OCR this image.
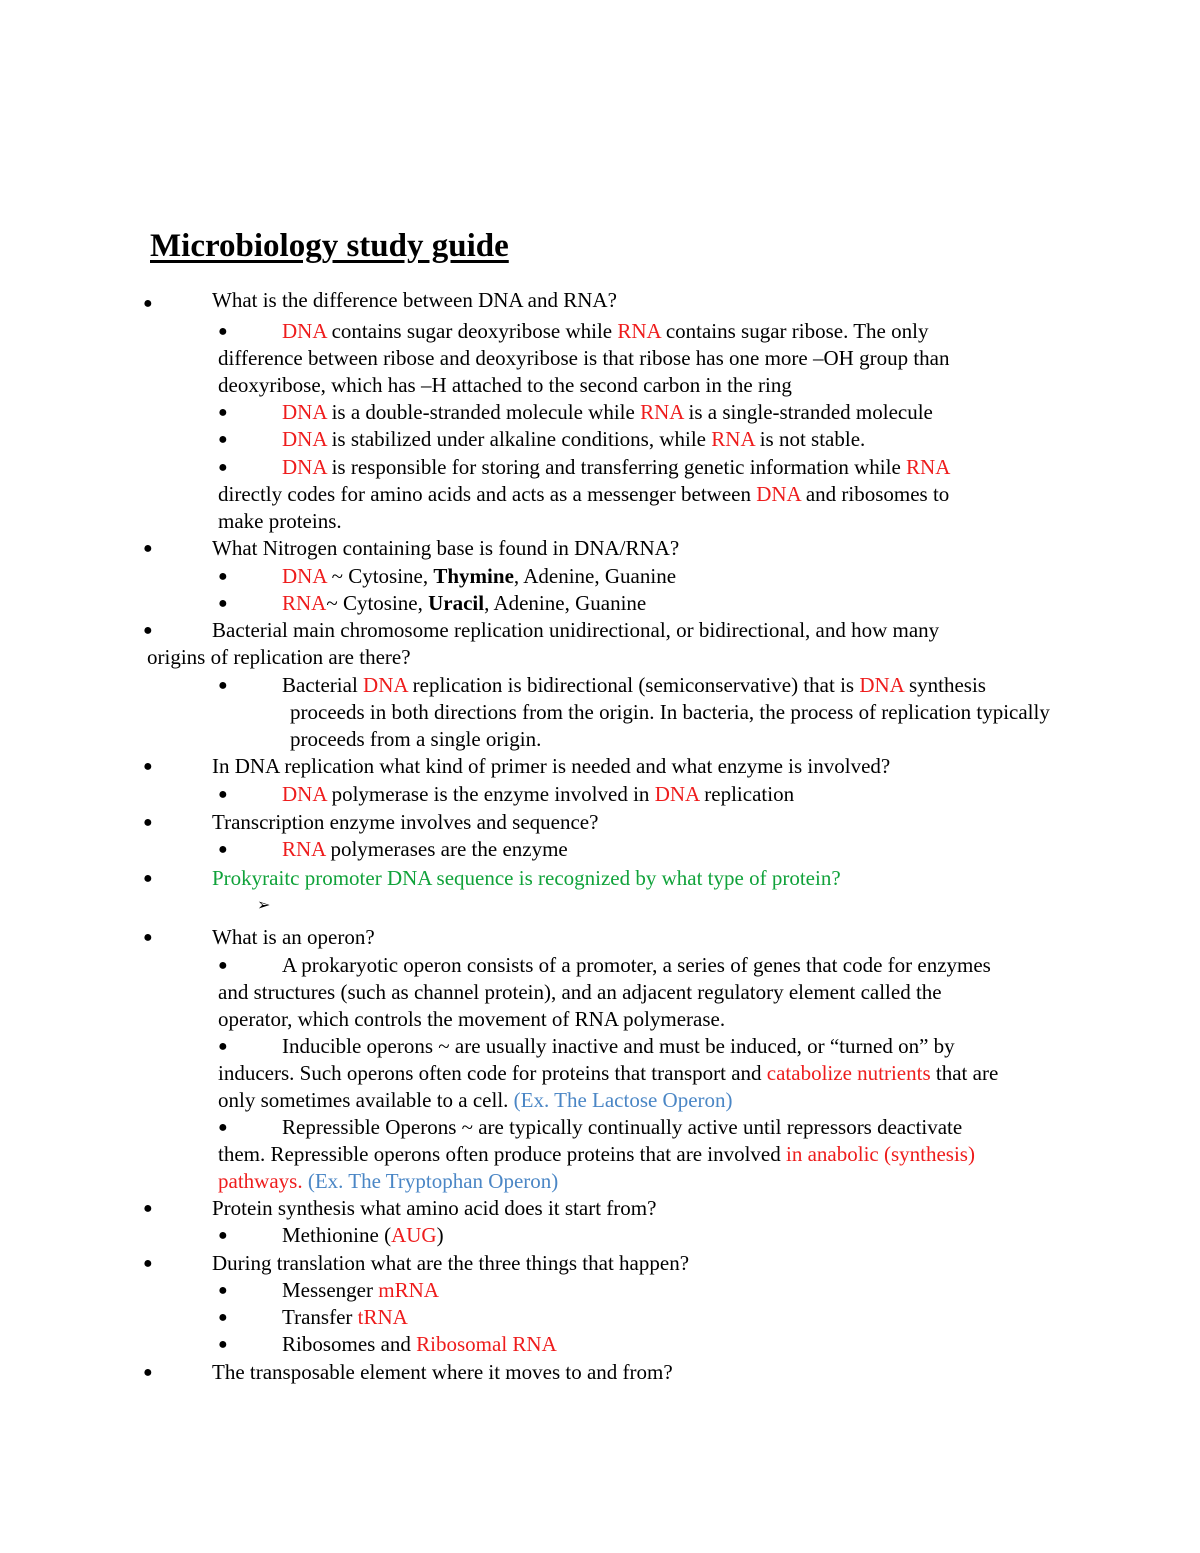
Microbiology study guide
●	What is the difference between DNA and RNA?

●	DNA contains sugar deoxyribose while RNA contains sugar ribose. The only difference between ribose and deoxyribose is that ribose has one more –OH group than deoxyribose, which has –H attached to the second carbon in the ring

●	DNA is a double-stranded molecule while RNA is a single-stranded molecule

●	DNA is stabilized under alkaline conditions, while RNA is not stable.

●	DNA is responsible for storing and transferring genetic information while RNA directly codes for amino acids and acts as a messenger between DNA and ribosomes to make proteins.

●	What Nitrogen containing base is found in DNA/RNA?

●	DNA ~ Cytosine, Thymine, Adenine, Guanine

●	RNA~ Cytosine, Uracil, Adenine, Guanine

●	Bacterial main chromosome replication unidirectional, or bidirectional, and how many origins of replication are there?

●	Bacterial DNA replication is bidirectional (semiconservative) that is DNA synthesis proceeds in both directions from the origin. In bacteria, the process of replication typically proceeds from a single origin.

●	In DNA replication what kind of primer is needed and what enzyme is involved?

●	DNA polymerase is the enzyme involved in DNA replication

●	Transcription enzyme involves and sequence?

●	RNA polymerases are the enzyme

●	Prokyraitc promoter DNA sequence is recognized by what type of protein?

➢
●	What is an operon?

●	A prokaryotic operon consists of a promoter, a series of genes that code for enzymes and structures (such as channel protein), and an adjacent regulatory element called the operator, which controls the movement of RNA polymerase.

●	Inducible operons ~ are usually inactive and must be induced, or “turned on” by inducers. Such operons often code for proteins that transport and catabolize nutrients that are only sometimes available to a cell. (Ex. The Lactose Operon)

●	Repressible Operons ~ are typically continually active until repressors deactivate them. Repressible operons often produce proteins that are involved in anabolic (synthesis) pathways. (Ex. The Tryptophan Operon)

●	Protein synthesis what amino acid does it start from?

●	Methionine (AUG)

●	During translation what are the three things that happen?

●	Messenger mRNA

●	Transfer tRNA

●	Ribosomes and Ribosomal RNA

●	The transposable element where it moves to and from?
